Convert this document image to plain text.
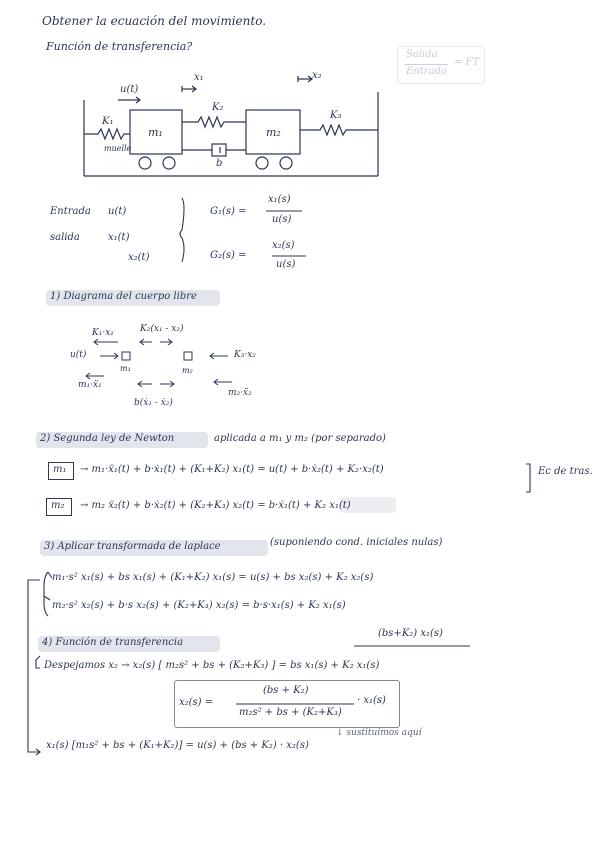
Obtener la ecuación del movimiento.
Función de transferencia?
Salida
Entrada
= FT
u(t)
x₁	x₂
K₁
K₂
K₃
m₁	m₂
b
muelle
Entrada u(t)
salida	x₁(t)
x₂(t)
G₁(s) =
x₁(s)
u(s)
G₂(s) =
x₂(s)
u(s)
1) Diagrama del cuerpo libre
K₁·x₁	K₂(x₁ - x₂)
u(t)
m₁	m₂
K₃·x₂
m₁·ẍ₁
b(ẋ₁ - ẋ₂)
m₂·ẍ₂
2) Segunda ley de Newton	aplicada a m₁ y m₂ (por separado)
m₁ → m₁·ẍ₁(t) + b·ẋ₁(t) + (K₁+K₂) x₁(t) = u(t) + b·ẋ₂(t) + K₂·x₂(t)	Ec de tras.
m₂ → m₂ ẍ₂(t) + b·ẋ₂(t) + (K₂+K₃) x₂(t) = b·ẋ₁(t) + K₂ x₁(t)
3) Aplicar transformada de laplace	(suponiendo cond. iniciales nulas)
m₁·s² x₁(s) + bs x₁(s) + (K₁+K₂) x₁(s) = u(s) + bs x₂(s) + K₂ x₂(s)
m₂·s² x₂(s) + b·s x₂(s) + (K₂+K₃) x₂(s) = b·s·x₁(s) + K₂ x₁(s)
4) Función de transferencia
(bs+K₂) x₁(s)
Despejamos x₂ → x₂(s) [ m₂s² + bs + (K₂+K₃) ] = bs x₁(s) + K₂ x₁(s)
x₂(s) =
(bs + K₂)
m₂s² + bs + (K₂+K₃)
· x₁(s)
↓ sustituimos aquí
x₁(s) [m₁s² + bs + (K₁+K₂)] = u(s) + (bs + K₂) · x₂(s)
